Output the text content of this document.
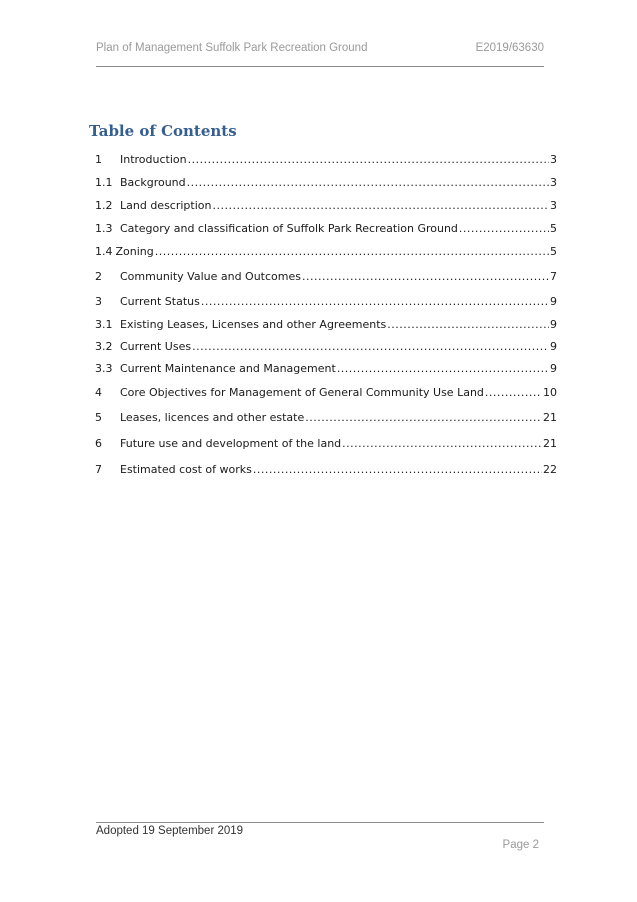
Plan of Management Suffolk Park Recreation Ground	E2019/63630
Table of Contents
1	Introduction .....	3
1.1 Background .....	3
1.2 Land description .....	3
1.3 Category and classification of Suffolk Park Recreation Ground .....	5
1.4 Zoning .....	5
2	Community Value and Outcomes .....	7
3	Current Status .....	9
3.1 Existing Leases, Licenses and other Agreements .....	9
3.2 Current Uses .....	9
3.3 Current Maintenance and Management .....	9
4	Core Objectives for Management of General Community Use Land .....	10
5	Leases, licences and other estate .....	21
6	Future use and development of the land .....	21
7	Estimated cost of works .....	22
Adopted 19 September 2019
Page 2
